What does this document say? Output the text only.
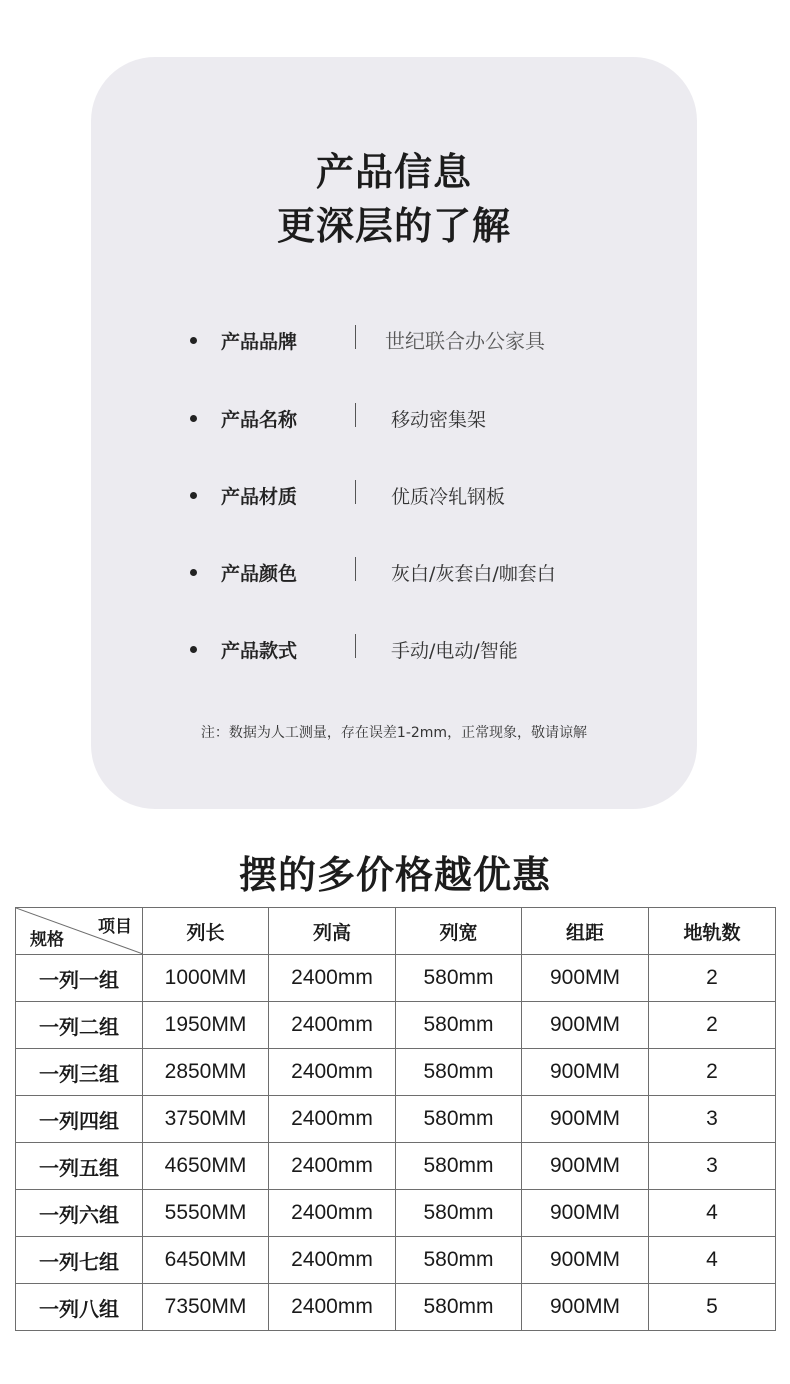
产品信息
更深层的了解
产品品牌	世纪联合办公家具
产品名称	移动密集架
产品材质	优质冷轧钢板
产品颜色	灰白/灰套白/咖套白
产品款式	手动/电动/智能
注：数据为人工测量，存在误差1-2mm，正常现象，敬请谅解
摆的多价格越优惠
项目
规格	列长	列高	列宽	组距	地轨数
一列一组	1000MM	2400mm	580mm	900MM	2
一列二组	1950MM	2400mm	580mm	900MM	2
一列三组	2850MM	2400mm	580mm	900MM	2
一列四组	3750MM	2400mm	580mm	900MM	3
一列五组	4650MM	2400mm	580mm	900MM	3
一列六组	5550MM	2400mm	580mm	900MM	4
一列七组	6450MM	2400mm	580mm	900MM	4
一列八组	7350MM	2400mm	580mm	900MM	5
